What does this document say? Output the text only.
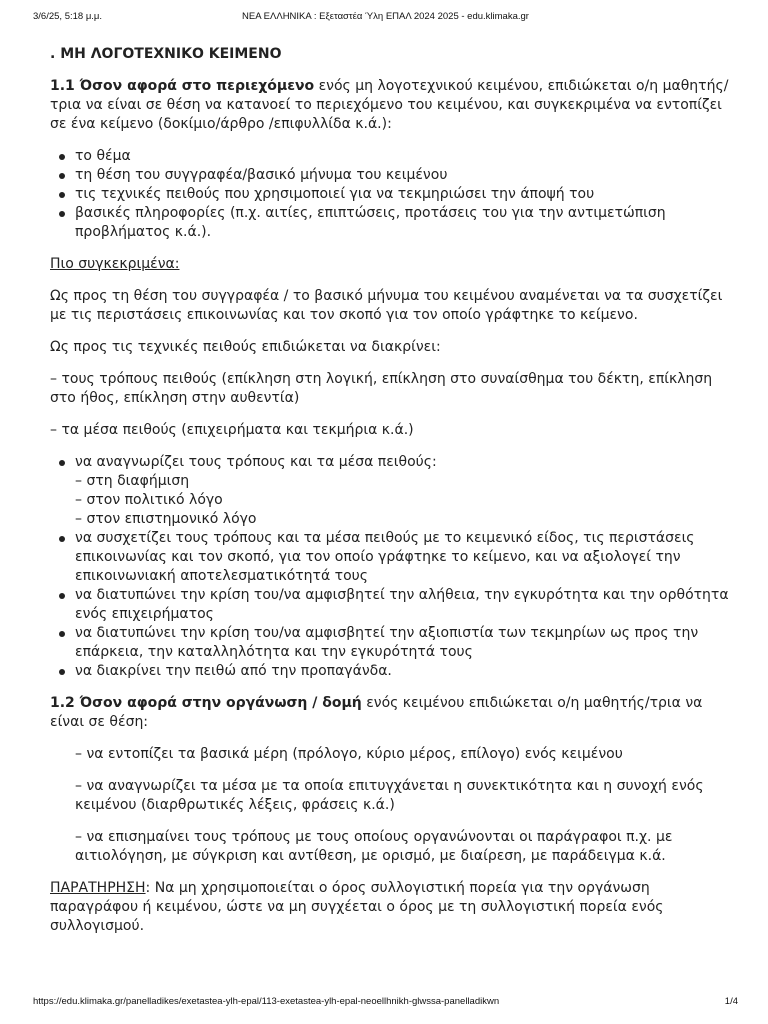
3/6/25, 5:18 μ.μ.	ΝΕΑ ΕΛΛΗΝΙΚΑ : Εξεταστέα Ύλη ΕΠΑΛ 2024 2025 - edu.klimaka.gr
. ΜΗ ΛΟΓΟΤΕΧΝΙΚΟ ΚΕΙΜΕΝΟ

1.1 Όσον αφορά στο περιεχόμενο ενός μη λογοτεχνικού κειμένου, επιδιώκεται ο/η μαθητής/
τρια να είναι σε θέση να κατανοεί το περιεχόμενο του κειμένου, και συγκεκριμένα να εντοπίζει
σε ένα κείμενο (δοκίμιο/άρθρο /επιφυλλίδα κ.ά.):

το θέμα
τη θέση του συγγραφέα/βασικό μήνυμα του κειμένου
τις τεχνικές πειθούς που χρησιμοποιεί για να τεκμηριώσει την άποψή του
βασικές πληροφορίες (π.χ. αιτίες, επιπτώσεις, προτάσεις του για την αντιμετώπιση
προβλήματος κ.ά.).

Πιο συγκεκριμένα:

Ως προς τη θέση του συγγραφέα / το βασικό μήνυμα του κειμένου αναμένεται να τα συσχετίζει
με τις περιστάσεις επικοινωνίας και τον σκοπό για τον οποίο γράφτηκε το κείμενο.

Ως προς τις τεχνικές πειθούς επιδιώκεται να διακρίνει:

– τους τρόπους πειθούς (επίκληση στη λογική, επίκληση στο συναίσθημα του δέκτη, επίκληση
στο ήθος, επίκληση στην αυθεντία)

– τα μέσα πειθούς (επιχειρήματα και τεκμήρια κ.ά.)

να αναγνωρίζει τους τρόπους και τα μέσα πειθούς:
– στη διαφήμιση
– στον πολιτικό λόγο
– στον επιστημονικό λόγο
να συσχετίζει τους τρόπους και τα μέσα πειθούς με το κειμενικό είδος, τις περιστάσεις
επικοινωνίας και τον σκοπό, για τον οποίο γράφτηκε το κείμενο, και να αξιολογεί την
επικοινωνιακή αποτελεσματικότητά τους
να διατυπώνει την κρίση του/να αμφισβητεί την αλήθεια, την εγκυρότητα και την ορθότητα
ενός επιχειρήματος
να διατυπώνει την κρίση του/να αμφισβητεί την αξιοπιστία των τεκμηρίων ως προς την
επάρκεια, την καταλληλότητα και την εγκυρότητά τους
να διακρίνει την πειθώ από την προπαγάνδα.

1.2 Όσον αφορά στην οργάνωση / δομή ενός κειμένου επιδιώκεται ο/η μαθητής/τρια να
είναι σε θέση:

– να εντοπίζει τα βασικά μέρη (πρόλογο, κύριο μέρος, επίλογο) ενός κειμένου

– να αναγνωρίζει τα μέσα με τα οποία επιτυγχάνεται η συνεκτικότητα και η συνοχή ενός
κειμένου (διαρθρωτικές λέξεις, φράσεις κ.ά.)

– να επισημαίνει τους τρόπους με τους οποίους οργανώνονται οι παράγραφοι π.χ. με
αιτιολόγηση, με σύγκριση και αντίθεση, με ορισμό, με διαίρεση, με παράδειγμα κ.ά.

ΠΑΡΑΤΗΡΗΣΗ: Να μη χρησιμοποιείται ο όρος συλλογιστική πορεία για την οργάνωση
παραγράφου ή κειμένου, ώστε να μη συγχέεται ο όρος με τη συλλογιστική πορεία ενός
συλλογισμού.

https://edu.klimaka.gr/panelladikes/exetastea-ylh-epal/113-exetastea-ylh-epal-neoellhnikh-glwssa-panelladikwn	1/4
